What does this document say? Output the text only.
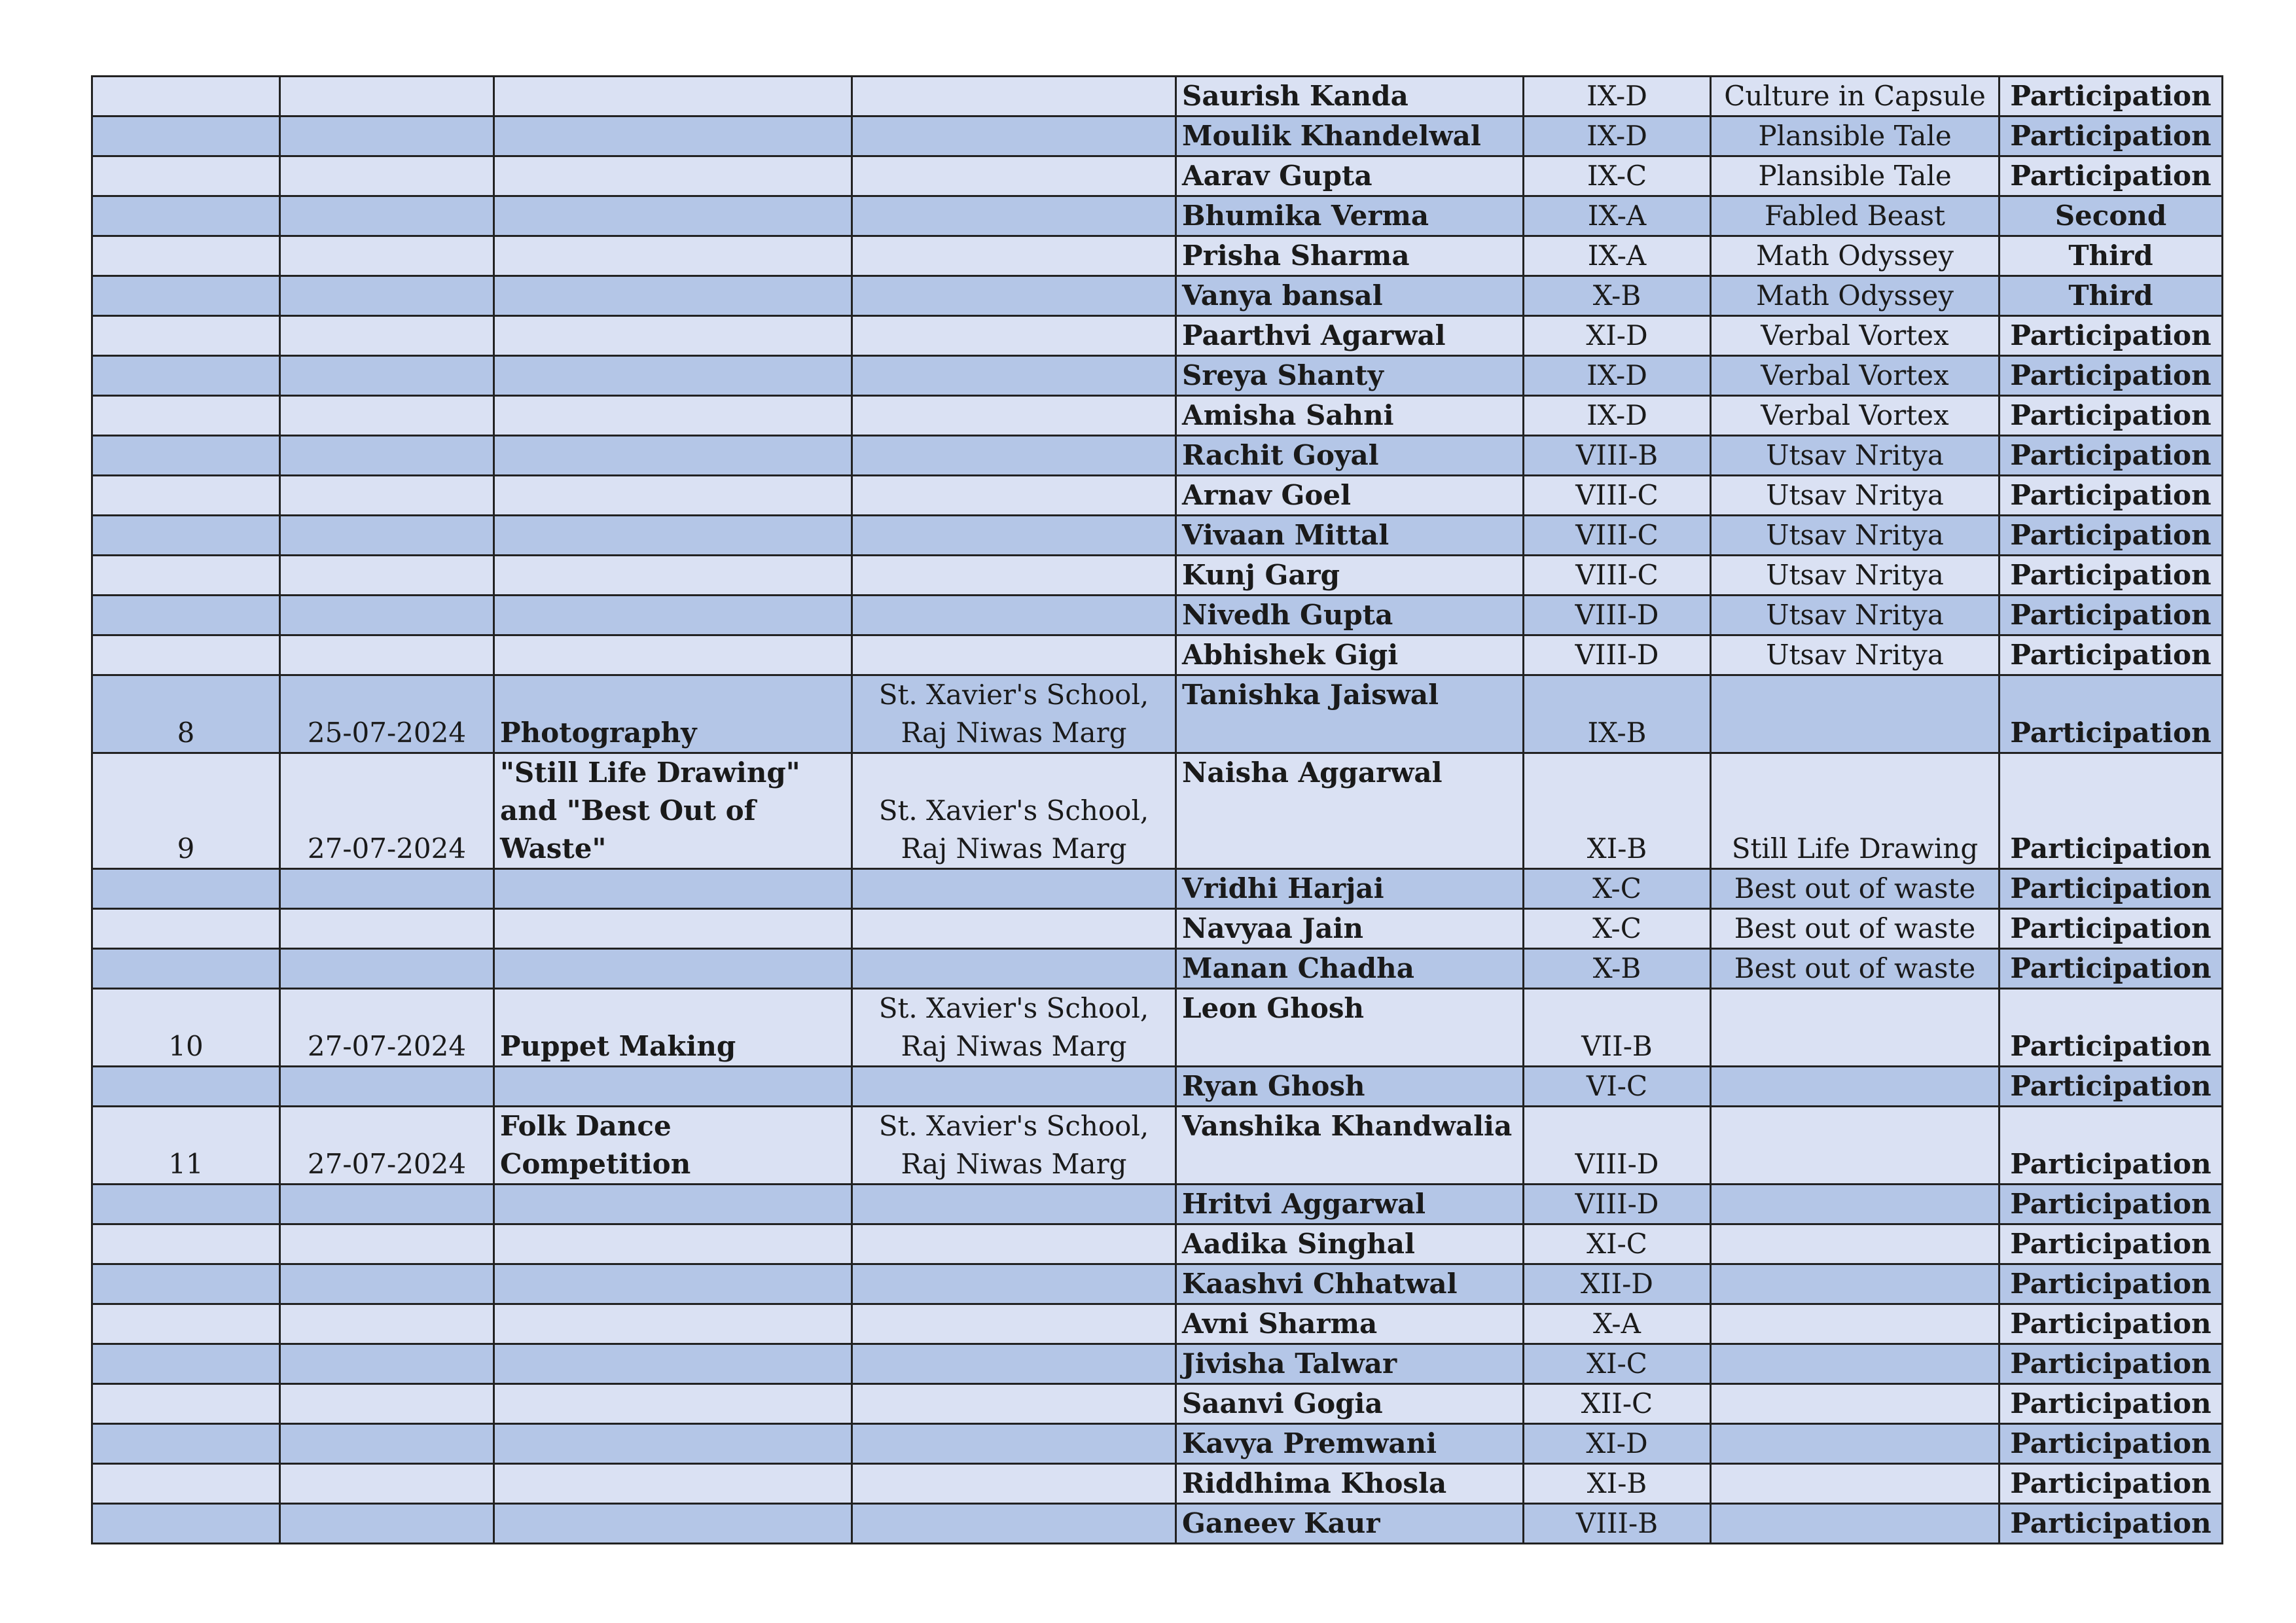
				Saurish Kanda	IX-D	Culture in Capsule	Participation
				Moulik Khandelwal	IX-D	Plansible Tale	Participation
				Aarav Gupta	IX-C	Plansible Tale	Participation
				Bhumika Verma	IX-A	Fabled Beast	Second
				Prisha Sharma	IX-A	Math Odyssey	Third
				Vanya bansal	X-B	Math Odyssey	Third
				Paarthvi Agarwal	XI-D	Verbal Vortex	Participation
				Sreya Shanty	IX-D	Verbal Vortex	Participation
				Amisha Sahni	IX-D	Verbal Vortex	Participation
				Rachit Goyal	VIII-B	Utsav Nritya	Participation
				Arnav Goel	VIII-C	Utsav Nritya	Participation
				Vivaan Mittal	VIII-C	Utsav Nritya	Participation
				Kunj Garg	VIII-C	Utsav Nritya	Participation
				Nivedh Gupta	VIII-D	Utsav Nritya	Participation
				Abhishek Gigi	VIII-D	Utsav Nritya	Participation
8	25-07-2024	Photography	St. Xavier's School, Raj Niwas Marg	Tanishka Jaiswal	IX-B		Participation
9	27-07-2024	"Still Life Drawing" and "Best Out of Waste"	St. Xavier's School, Raj Niwas Marg	Naisha Aggarwal	XI-B	Still Life Drawing	Participation
				Vridhi Harjai	X-C	Best out of waste	Participation
				Navyaa Jain	X-C	Best out of waste	Participation
				Manan Chadha	X-B	Best out of waste	Participation
10	27-07-2024	Puppet Making	St. Xavier's School, Raj Niwas Marg	Leon Ghosh	VII-B		Participation
				Ryan Ghosh	VI-C		Participation
11	27-07-2024	Folk Dance Competition	St. Xavier's School, Raj Niwas Marg	Vanshika Khandwalia	VIII-D		Participation
				Hritvi Aggarwal	VIII-D		Participation
				Aadika Singhal	XI-C		Participation
				Kaashvi Chhatwal	XII-D		Participation
				Avni Sharma	X-A		Participation
				Jivisha Talwar	XI-C		Participation
				Saanvi Gogia	XII-C		Participation
				Kavya Premwani	XI-D		Participation
				Riddhima Khosla	XI-B		Participation
				Ganeev Kaur	VIII-B		Participation
